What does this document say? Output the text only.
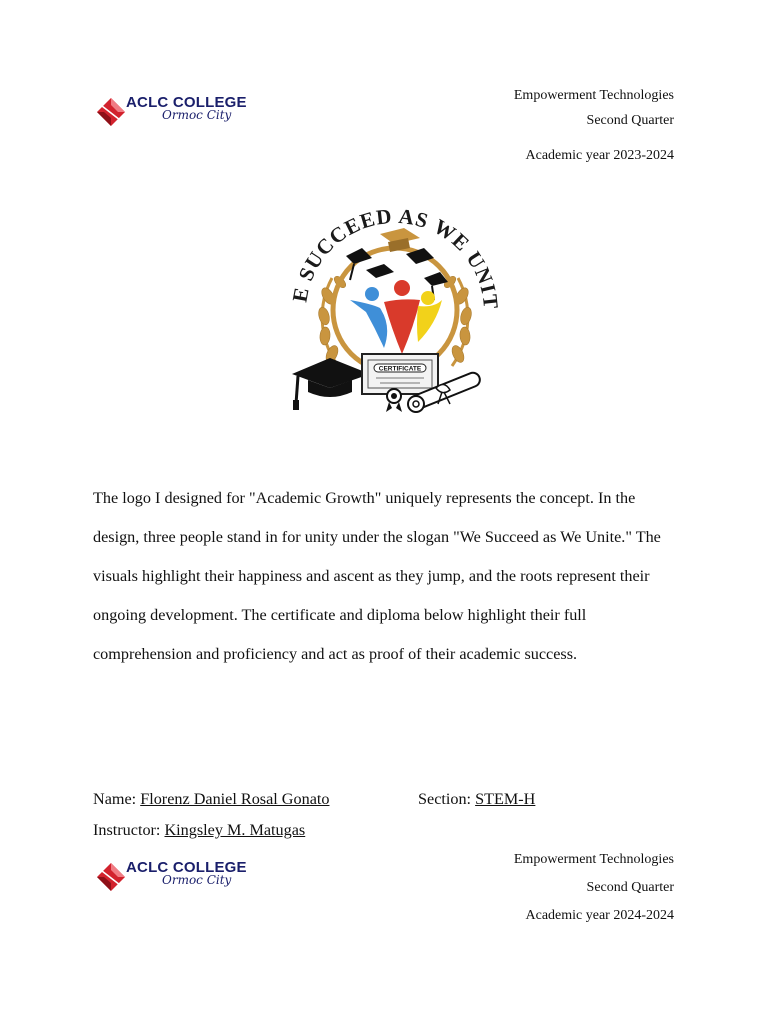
ACLC COLLEGE
Ormoc City
Empowerment Technologies
Second Quarter
Academic year 2023-2024
E SUCCEED AS WE UNIT
CERTIFICATE

The logo I designed for "Academic Growth" uniquely represents the concept. In the design, three people stand in for unity under the slogan "We Succeed as We Unite." The visuals highlight their happiness and ascent as they jump, and the roots represent their ongoing development. The certificate and diploma below highlight their full comprehension and proficiency and act as proof of their academic success.

Name: Florenz Daniel Rosal Gonato	Section: STEM-H
Instructor: Kingsley M. Matugas
ACLC COLLEGE
Ormoc City
Empowerment Technologies
Second Quarter
Academic year 2024-2024
